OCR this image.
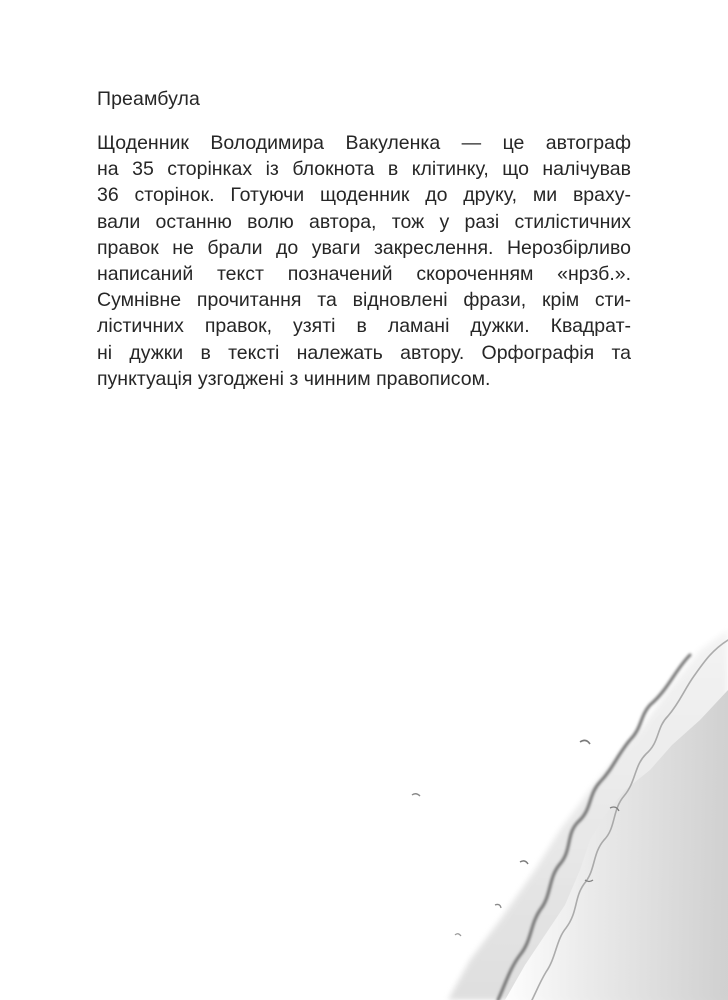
Преамбула
Щоденник Володимира Вакуленка — це автограф
на 35 сторінках із блокнота в клітинку, що налічував
36 сторінок. Готуючи щоденник до друку, ми враху-
вали останню волю автора, тож у разі стилістичних
правок не брали до уваги закреслення. Нерозбірливо
написаний текст позначений скороченням «нрзб.».
Сумнівне прочитання та відновлені фрази, крім сти-
лістичних правок, узяті в ламані дужки. Квадрат-
ні дужки в тексті належать автору. Орфографія та
пунктуація узгоджені з чинним правописом.
